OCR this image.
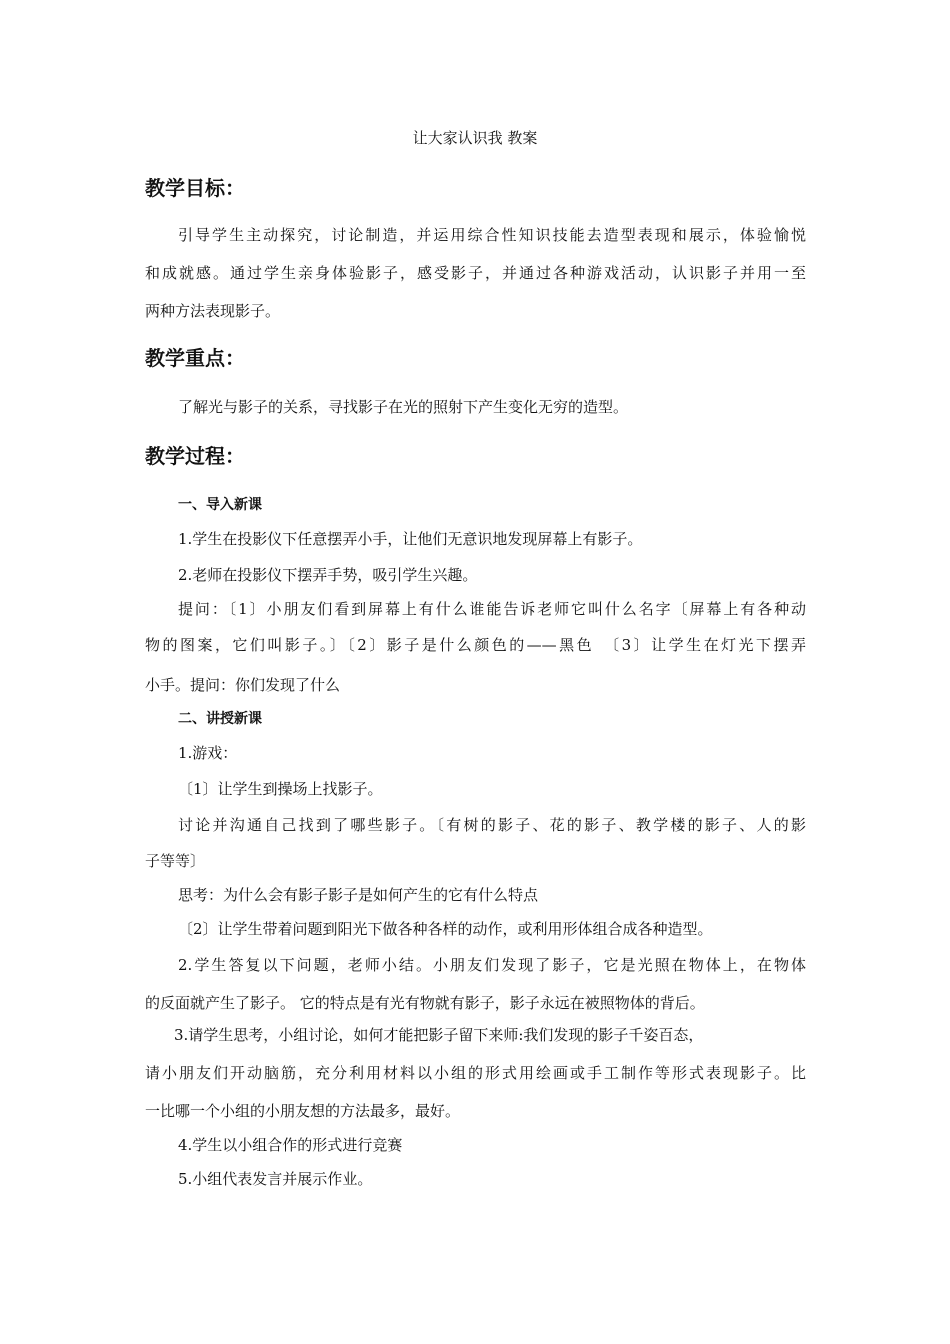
让大家认识我 教案
教学目标：
引导学生主动探究，讨论制造，并运用综合性知识技能去造型表现和展示，体验愉悦
和成就感。通过学生亲身体验影子，感受影子，并通过各种游戏活动，认识影子并用一至
两种方法表现影子。
教学重点：
了解光与影子的关系，寻找影子在光的照射下产生变化无穷的造型。
教学过程：
一、导入新课
1.学生在投影仪下任意摆弄小手，让他们无意识地发现屏幕上有影子。
2.老师在投影仪下摆弄手势，吸引学生兴趣。
提问：〔1〕小朋友们看到屏幕上有什么谁能告诉老师它叫什么名字〔屏幕上有各种动
物的图案，它们叫影子。〕〔2〕影子是什么颜色的——黑色　〔3〕让学生在灯光下摆弄
小手。提问：你们发现了什么
二、讲授新课
1.游戏：
〔1〕让学生到操场上找影子。
讨论并沟通自己找到了哪些影子。〔有树的影子、花的影子、教学楼的影子、人的影
子等等〕
思考：为什么会有影子影子是如何产生的它有什么特点
〔2〕让学生带着问题到阳光下做各种各样的动作，或利用形体组合成各种造型。
2.学生答复以下问题，老师小结。小朋友们发现了影子，它是光照在物体上，在物体
的反面就产生了影子。 它的特点是有光有物就有影子，影子永远在被照物体的背后。
3.请学生思考，小组讨论，如何才能把影子留下来师:我们发现的影子千姿百态，
请小朋友们开动脑筋，充分利用材料以小组的形式用绘画或手工制作等形式表现影子。比
一比哪一个小组的小朋友想的方法最多，最好。
4.学生以小组合作的形式进行竞赛
5.小组代表发言并展示作业。
